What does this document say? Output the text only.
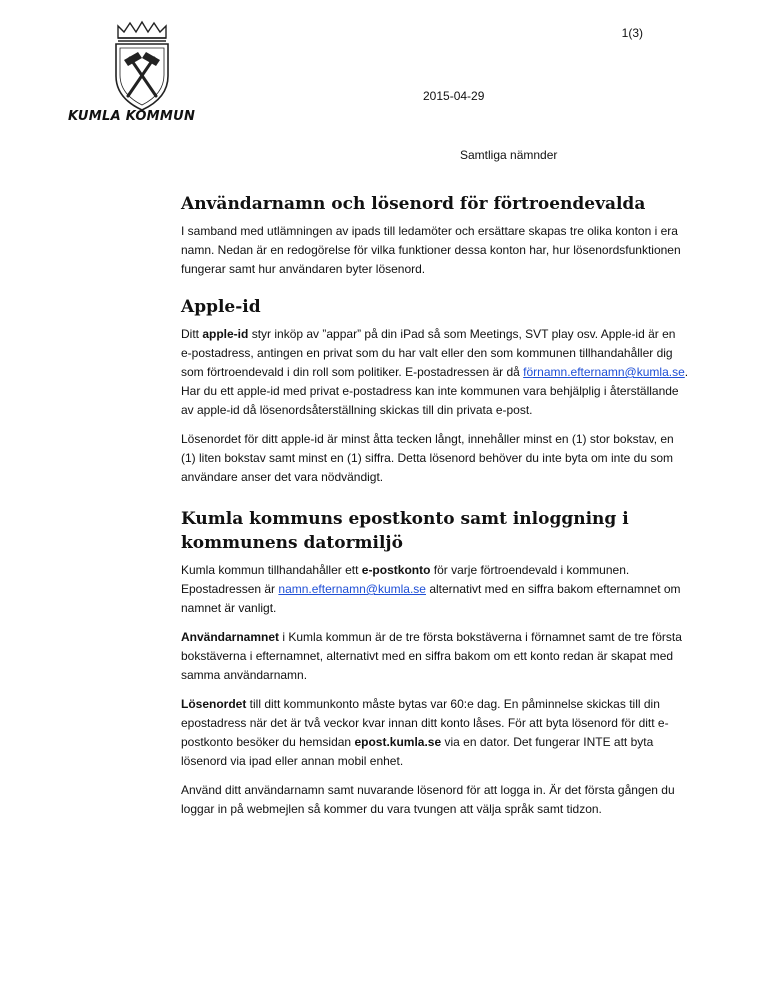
1(3)
KUMLA KOMMUN
2015-04-29
Samtliga nämnder
Användarnamn och lösenord för förtroendevalda

I samband med utlämningen av ipads till ledamöter och ersättare skapas tre olika konton i era namn. Nedan är en redogörelse för vilka funktioner dessa konton har, hur lösenordsfunktionen fungerar samt hur användaren byter lösenord.

Apple-id

Ditt apple-id styr inköp av ”appar” på din iPad så som Meetings, SVT play osv. Apple-id är en e-postadress, antingen en privat som du har valt eller den som kommunen tillhandahåller dig som förtroendevald i din roll som politiker. E-postadressen är då förnamn.efternamn@kumla.se. Har du ett apple-id med privat e-postadress kan inte kommunen vara behjälplig i återställande av apple-id då lösenordsåterställning skickas till din privata e-post.

Lösenordet för ditt apple-id är minst åtta tecken långt, innehåller minst en (1) stor bokstav, en (1) liten bokstav samt minst en (1) siffra. Detta lösenord behöver du inte byta om inte du som användare anser det vara nödvändigt.

Kumla kommuns epostkonto samt inloggning i kommunens datormiljö

Kumla kommun tillhandahåller ett e-postkonto för varje förtroendevald i kommunen. Epostadressen är namn.efternamn@kumla.se alternativt med en siffra bakom efternamnet om namnet är vanligt.

Användarnamnet i Kumla kommun är de tre första bokstäverna i förnamnet samt de tre första bokstäverna i efternamnet, alternativt med en siffra bakom om ett konto redan är skapat med samma användarnamn.

Lösenordet till ditt kommunkonto måste bytas var 60:e dag. En påminnelse skickas till din epostadress när det är två veckor kvar innan ditt konto låses. För att byta lösenord för ditt e-postkonto besöker du hemsidan epost.kumla.se via en dator. Det fungerar INTE att byta lösenord via ipad eller annan mobil enhet.

Använd ditt användarnamn samt nuvarande lösenord för att logga in. Är det första gången du loggar in på webmejlen så kommer du vara tvungen att välja språk samt tidzon.
